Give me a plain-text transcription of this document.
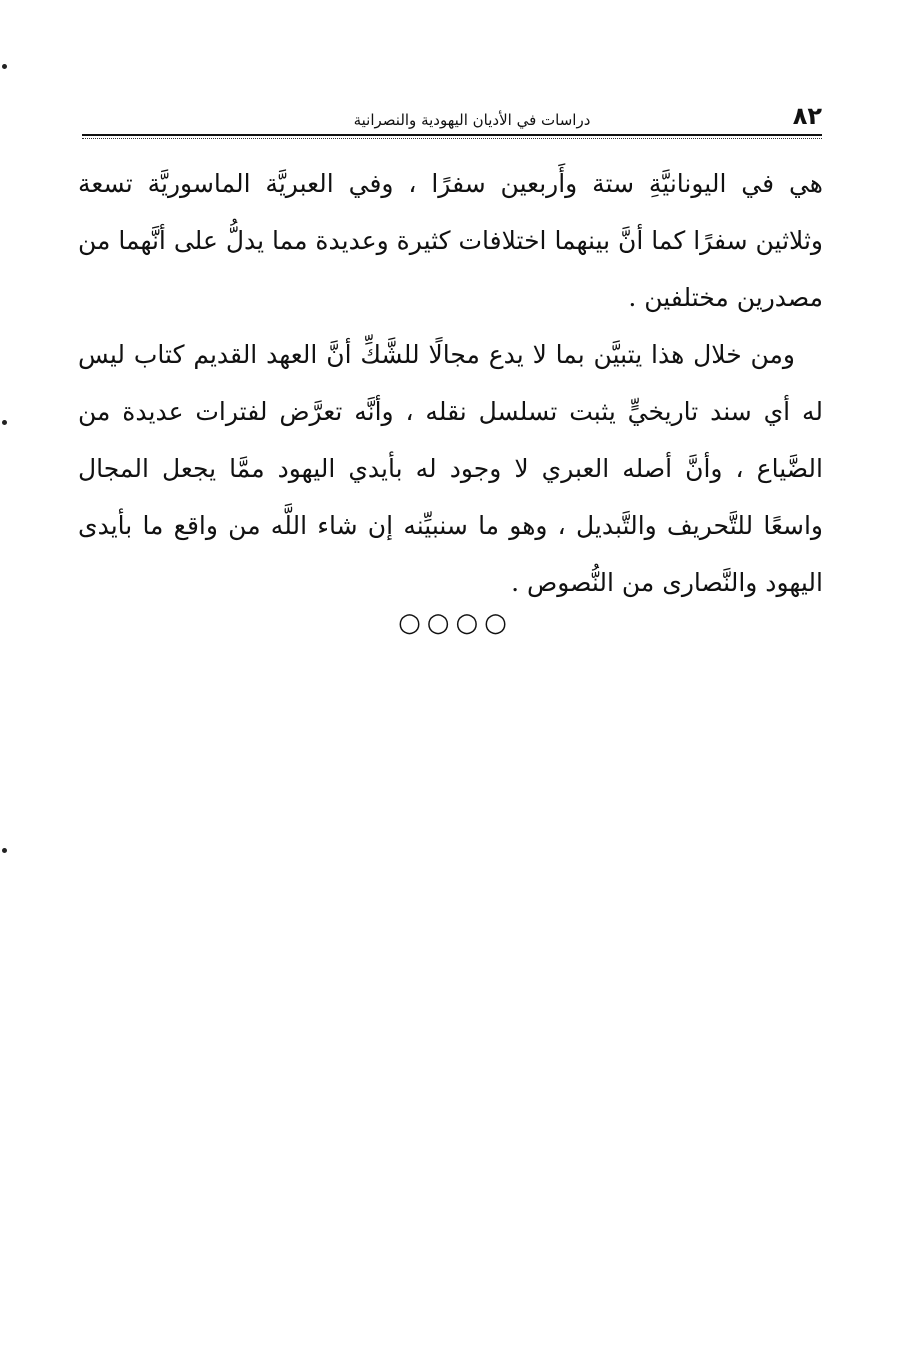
٨٢
دراسات في الأديان اليهودية والنصرانية

هي في اليونانيَّةِ ستة وأَربعين سفرًا ، وفي العبريَّة الماسوريَّة تسعة وثلاثين سفرًا كما أنَّ بينهما اختلافات كثيرة وعديدة مما يدلُّ على أنَّهما من مصدرين مختلفين .

ومن خلال هذا يتبيَّن بما لا يدع مجالًا للشَّكِّ أنَّ العهد القديم كتاب ليس له أي سند تاريخيٍّ يثبت تسلسل نقله ، وأنَّه تعرَّض لفترات عديدة من الضَّياع ، وأنَّ أصله العبري لا وجود له بأيدي اليهود ممَّا يجعل المجال واسعًا للتَّحريف والتَّبديل ، وهو ما سنبيِّنه إن شاء اللَّه من واقع ما بأيدى اليهود والنَّصارى من النُّصوص .

○○○○
